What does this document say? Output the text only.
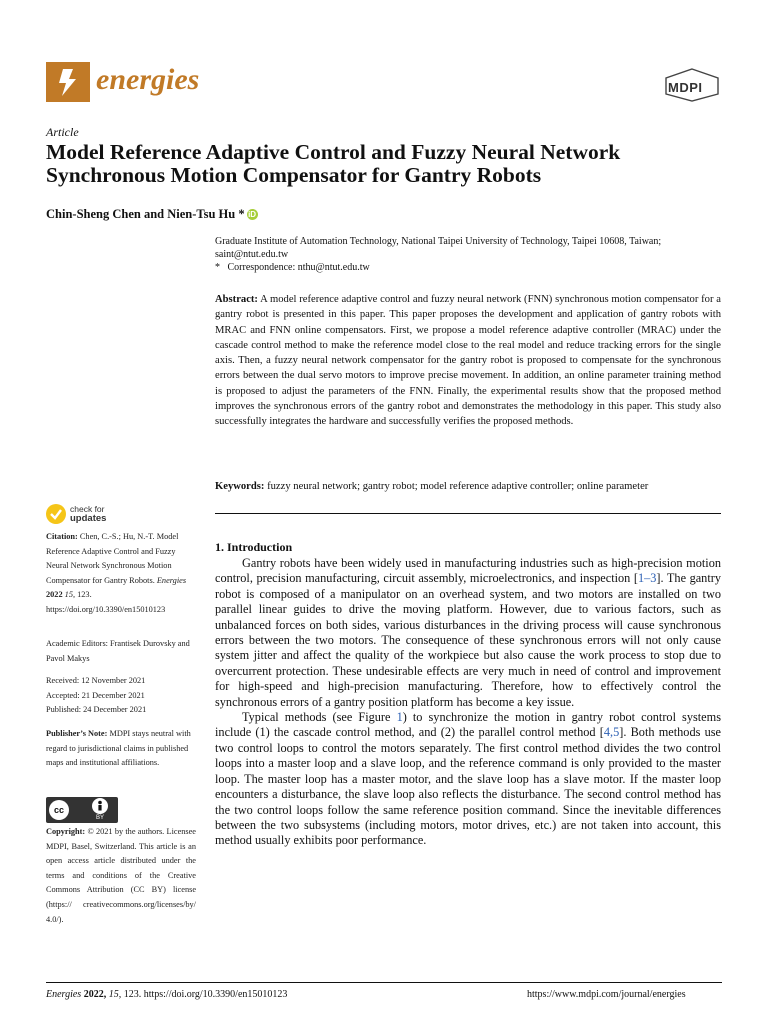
energies	MDPI
Article
Model Reference Adaptive Control and Fuzzy Neural Network Synchronous Motion Compensator for Gantry Robots
Chin-Sheng Chen and Nien-Tsu Hu * iD
Graduate Institute of Automation Technology, National Taipei University of Technology, Taipei 10608, Taiwan;
saint@ntut.edu.tw
*   Correspondence: nthu@ntut.edu.tw
Abstract: A model reference adaptive control and fuzzy neural network (FNN) synchronous motion compensator for a gantry robot is presented in this paper. This paper proposes the development and application of gantry robots with MRAC and FNN online compensators. First, we propose a model reference adaptive controller (MRAC) under the cascade control method to make the reference model close to the real model and reduce tracking errors for the single axis. Then, a fuzzy neural network compensator for the gantry robot is proposed to compensate for the synchronous errors between the dual servo motors to improve precise movement. In addition, an online parameter training method is proposed to adjust the parameters of the FNN. Finally, the experimental results show that the proposed method improves the synchronous errors of the gantry robot and demonstrates the methodology in this paper. This study also successfully integrates the hardware and successfully verifies the proposed methods.
Keywords: fuzzy neural network; gantry robot; model reference adaptive controller; online parameter
1. Introduction

Gantry robots have been widely used in manufacturing industries such as high-precision motion control, precision manufacturing, circuit assembly, microelectronics, and inspection [1–3]. The gantry robot is composed of a manipulator on an overhead system, and two motors are installed on two parallel linear guides to drive the moving platform. However, due to various factors, such as unbalanced forces on both sides, various disturbances in the driving process will cause synchronous errors between the two motors. The consequence of these synchronous errors will not only cause system jitter and affect the quality of the workpiece but also cause the work process to stop due to overcurrent protection. These undesirable effects are very much in need of control and improvement for high-speed and high-precision manufacturing. Therefore, how to effectively control the synchronous errors of a gantry position platform has become a key issue.

Typical methods (see Figure 1) to synchronize the motion in gantry robot control systems include (1) the cascade control method, and (2) the parallel control method [4,5]. Both methods use two control loops to control the motors separately. The first control method divides the two control loops into a master loop and a slave loop, and the reference command is only provided to the master loop. The master loop has a master motor, and the slave loop has a slave motor. If the master loop encounters a disturbance, the slave loop also reflects the disturbance. The second control method has the two control loops follow the same reference position command. Since the inevitable differences between the two subsystems (including motors, motor drives, etc.) are not taken into account, this method usually exhibits poor performance.

check for
updates
Citation: Chen, C.-S.; Hu, N.-T. Model Reference Adaptive Control and Fuzzy Neural Network Synchronous Motion Compensator for Gantry Robots. Energies 2022 15, 123. https://doi.org/10.3390/en15010123
Academic Editors: Frantisek Durovsky and Pavol Makys
Received: 12 November 2021
Accepted: 21 December 2021
Published: 24 December 2021
Publisher’s Note: MDPI stays neutral with regard to jurisdictional claims in published maps and institutional affiliations.
cc
BY
Copyright: © 2021 by the authors. Licensee MDPI, Basel, Switzerland. This article is an open access article distributed under the terms and conditions of the Creative Commons Attribution (CC BY) license (https:// creativecommons.org/licenses/by/ 4.0/).
Energies 2022, 15, 123. https://doi.org/10.3390/en15010123	https://www.mdpi.com/journal/energies
